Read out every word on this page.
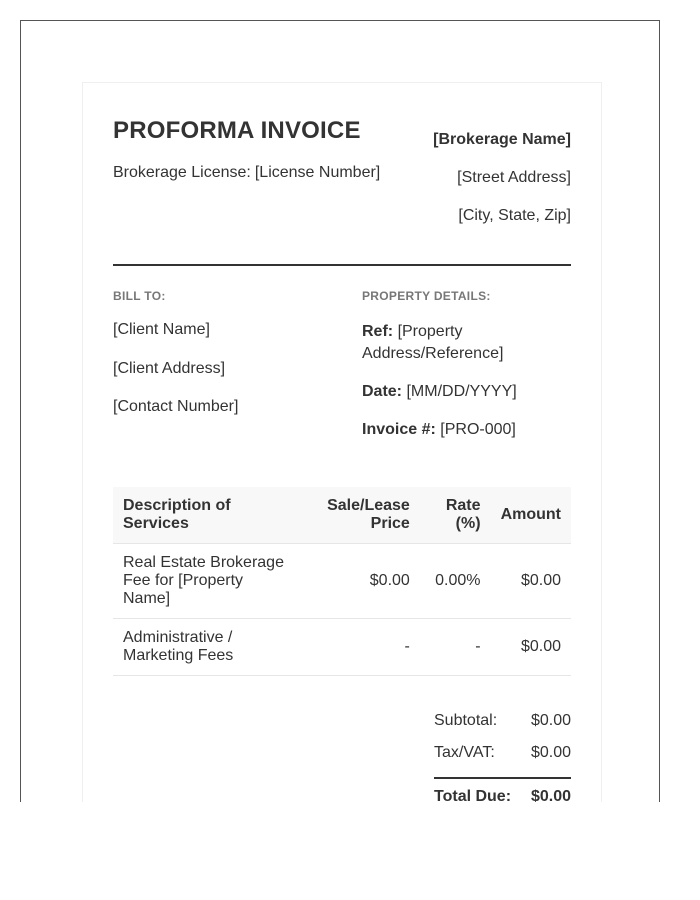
PROFORMA INVOICE
Brokerage License: [License Number]
[Brokerage Name]
[Street Address]
[City, State, Zip]
BILL TO:	PROPERTY DETAILS:
[Client Name]
[Client Address]
[Contact Number]
Ref: [Property Address/Reference]
Date: [MM/DD/YYYY]
Invoice #: [PRO-000]
Description of Services	Sale/Lease Price	Rate (%)	Amount
Real Estate Brokerage Fee for [Property Name]	$0.00	0.00%	$0.00
Administrative / Marketing Fees	-	-	$0.00
Subtotal: $0.00
Tax/VAT: $0.00
Total Due: $0.00
